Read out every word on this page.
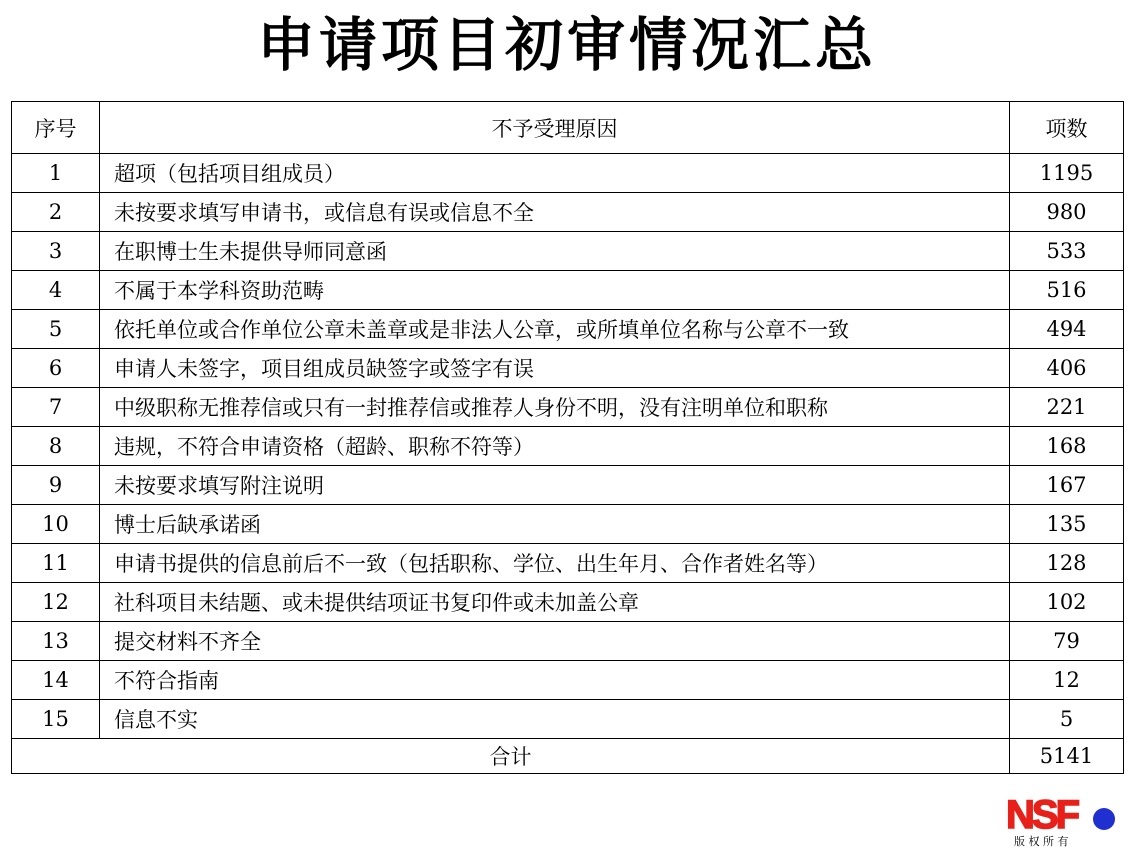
申请项目初审情况汇总
序号	不予受理原因	项数
1	超项（包括项目组成员）	1195
2	未按要求填写申请书，或信息有误或信息不全	980
3	在职博士生未提供导师同意函	533
4	不属于本学科资助范畴	516
5	依托单位或合作单位公章未盖章或是非法人公章，或所填单位名称与公章不一致	494
6	申请人未签字，项目组成员缺签字或签字有误	406
7	中级职称无推荐信或只有一封推荐信或推荐人身份不明，没有注明单位和职称	221
8	违规，不符合申请资格（超龄、职称不符等）	168
9	未按要求填写附注说明	167
10	博士后缺承诺函	135
11	申请书提供的信息前后不一致（包括职称、学位、出生年月、合作者姓名等）	128
12	社科项目未结题、或未提供结项证书复印件或未加盖公章	102
13	提交材料不齐全	79
14	不符合指南	12
15	信息不实	5
合计		5141
NSF
版 权 所 有
